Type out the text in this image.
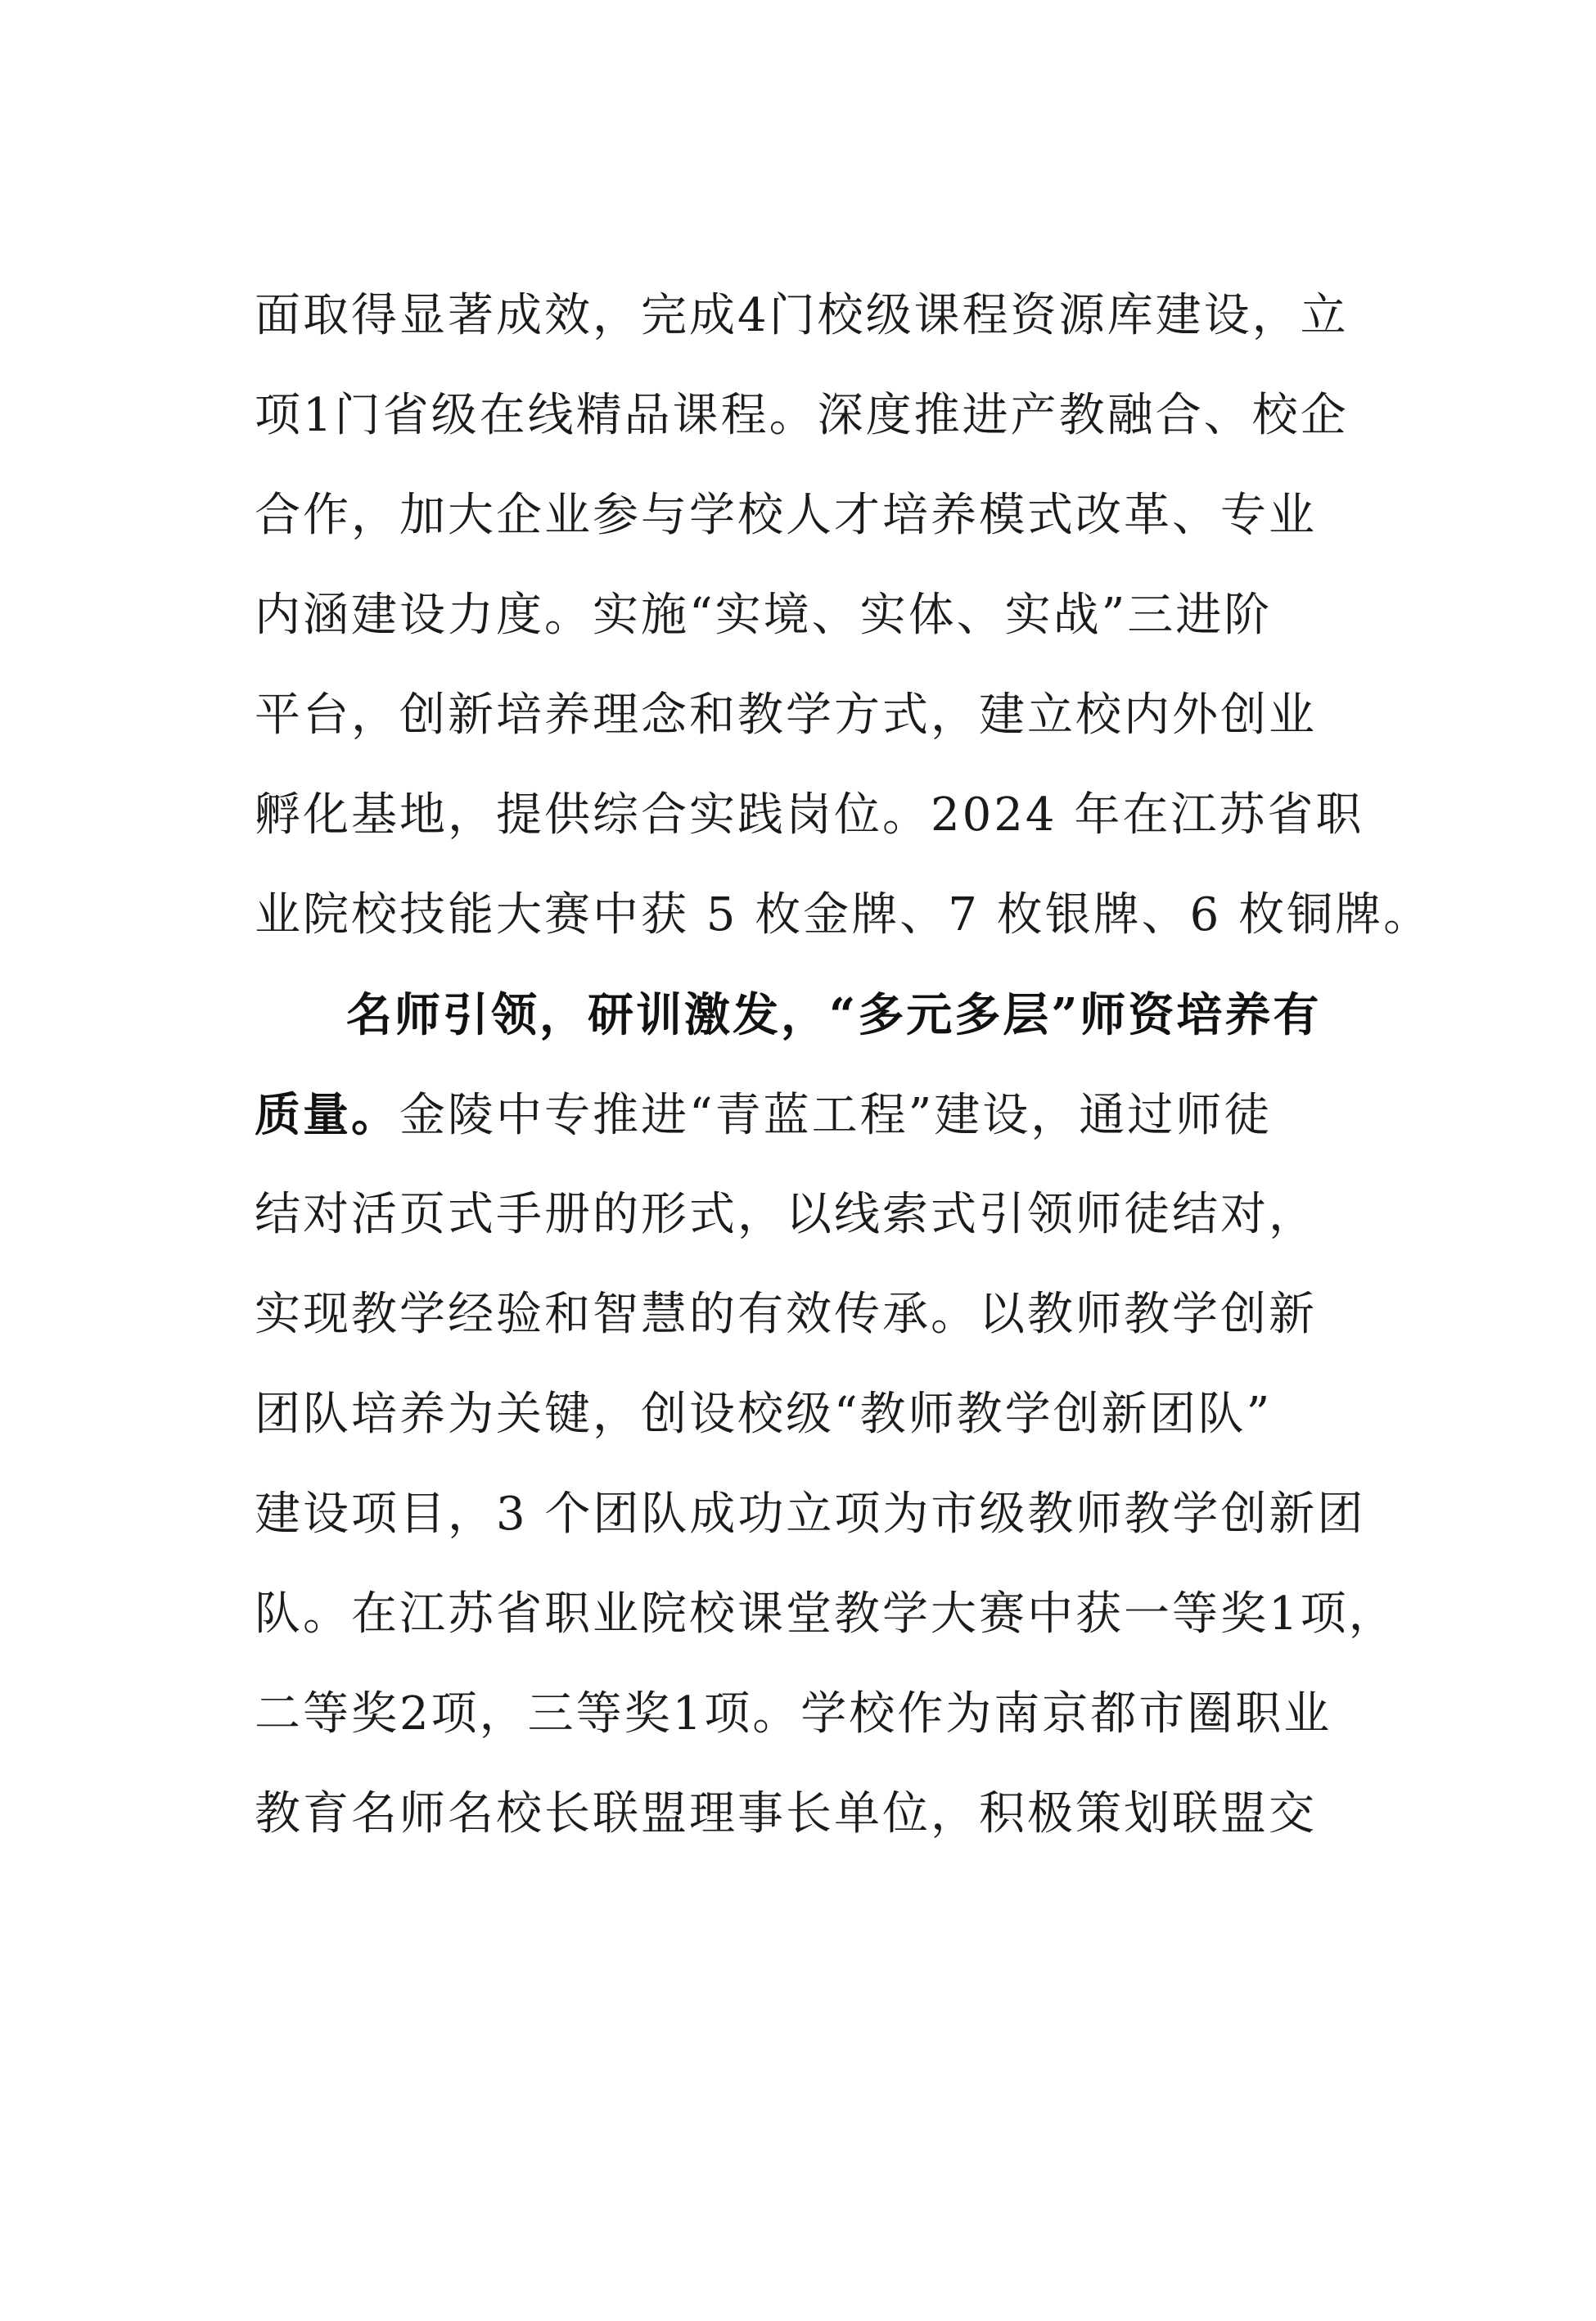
面取得显著成效，完成4门校级课程资源库建设，立
项1门省级在线精品课程。深度推进产教融合、校企
合作，加大企业参与学校人才培养模式改革、专业
内涵建设力度。实施“实境、实体、实战”三进阶
平台，创新培养理念和教学方式，建立校内外创业
孵化基地，提供综合实践岗位。2024 年在江苏省职
业院校技能大赛中获 5 枚金牌、7 枚银牌、6 枚铜牌。
名师引领，研训激发，“多元多层”师资培养有
质量。金陵中专推进“青蓝工程”建设，通过师徒
结对活页式手册的形式，以线索式引领师徒结对，
实现教学经验和智慧的有效传承。以教师教学创新
团队培养为关键，创设校级“教师教学创新团队”
建设项目，3 个团队成功立项为市级教师教学创新团
队。在江苏省职业院校课堂教学大赛中获一等奖1项，
二等奖2项，三等奖1项。学校作为南京都市圈职业
教育名师名校长联盟理事长单位，积极策划联盟交
